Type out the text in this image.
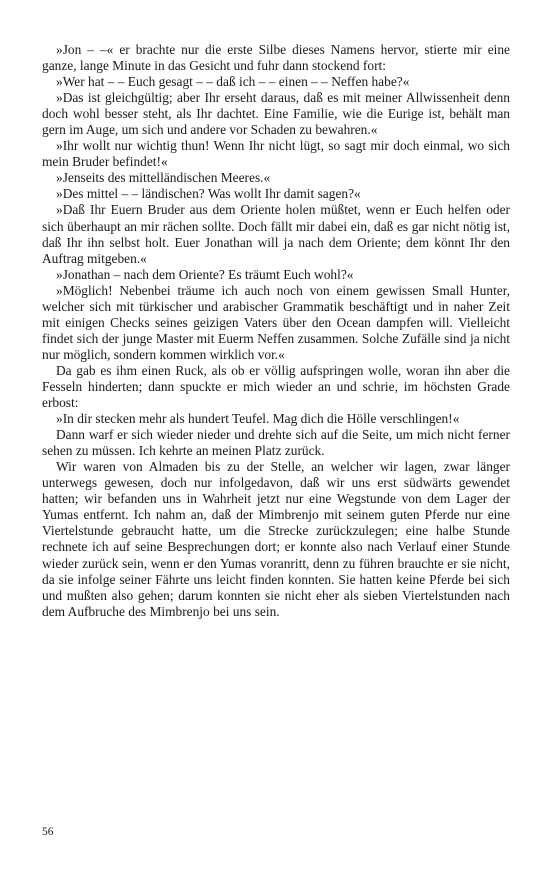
»Jon – –« er brachte nur die erste Silbe dieses Namens hervor, stierte mir eine ganze, lange Minute in das Gesicht und fuhr dann stockend fort:

»Wer hat – – Euch gesagt – – daß ich – – einen – – Neffen habe?«

»Das ist gleichgültig; aber Ihr erseht daraus, daß es mit meiner Allwissenheit denn doch wohl besser steht, als Ihr dachtet. Eine Familie, wie die Eurige ist, behält man gern im Auge, um sich und andere vor Schaden zu bewahren.«

»Ihr wollt nur wichtig thun! Wenn Ihr nicht lügt, so sagt mir doch einmal, wo sich mein Bruder befindet!«

»Jenseits des mittelländischen Meeres.«

»Des mittel – – ländischen? Was wollt Ihr damit sagen?«

»Daß Ihr Euern Bruder aus dem Oriente holen müßtet, wenn er Euch helfen oder sich überhaupt an mir rächen sollte. Doch fällt mir dabei ein, daß es gar nicht nötig ist, daß Ihr ihn selbst holt. Euer Jonathan will ja nach dem Oriente; dem könnt Ihr den Auftrag mitgeben.«

»Jonathan – nach dem Oriente? Es träumt Euch wohl?«

»Möglich! Nebenbei träume ich auch noch von einem gewissen Small Hunter, welcher sich mit türkischer und arabischer Grammatik beschäftigt und in naher Zeit mit einigen Checks seines geizigen Vaters über den Ocean dampfen will. Vielleicht findet sich der junge Master mit Euerm Neffen zusammen. Solche Zufälle sind ja nicht nur möglich, sondern kommen wirklich vor.«

Da gab es ihm einen Ruck, als ob er völlig aufspringen wolle, woran ihn aber die Fesseln hinderten; dann spuckte er mich wieder an und schrie, im höchsten Grade erbost:

»In dir stecken mehr als hundert Teufel. Mag dich die Hölle verschlingen!«

Dann warf er sich wieder nieder und drehte sich auf die Seite, um mich nicht ferner sehen zu müssen. Ich kehrte an meinen Platz zurück.

Wir waren von Almaden bis zu der Stelle, an welcher wir lagen, zwar länger unterwegs gewesen, doch nur infolgedavon, daß wir uns erst südwärts gewendet hatten; wir befanden uns in Wahrheit jetzt nur eine Wegstunde von dem Lager der Yumas entfernt. Ich nahm an, daß der Mimbrenjo mit seinem guten Pferde nur eine Viertelstunde gebraucht hatte, um die Strecke zurückzulegen; eine halbe Stunde rechnete ich auf seine Besprechungen dort; er konnte also nach Verlauf einer Stunde wieder zurück sein, wenn er den Yumas voranritt, denn zu führen brauchte er sie nicht, da sie infolge seiner Fährte uns leicht finden konnten. Sie hatten keine Pferde bei sich und mußten also gehen; darum konnten sie nicht eher als sieben Viertelstunden nach dem Aufbruche des Mimbrenjo bei uns sein.

56
